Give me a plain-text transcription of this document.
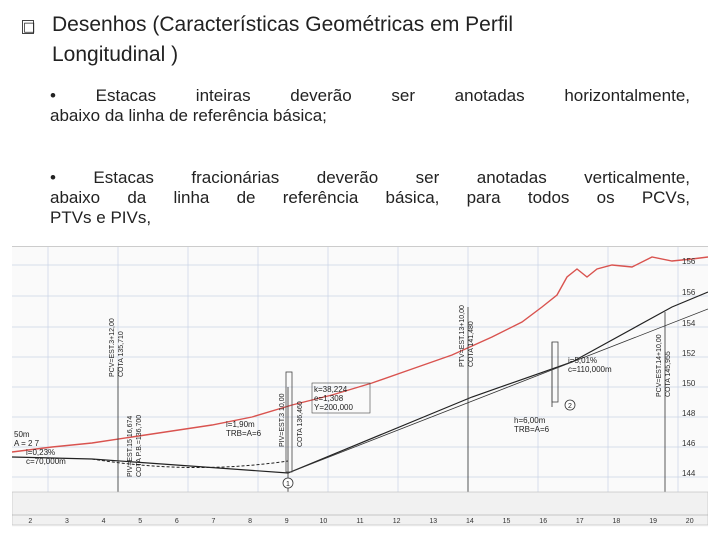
□ Desenhos (Características Geométricas em Perfil
Longitudinal )
• Estacas inteiras deverão ser anotadas horizontalmente,
abaixo da linha de referência básica;
• Estacas fracionárias deverão ser anotadas verticalmente,
abaixo da linha de referência básica, para todos os PCVs,
PTVs e PIVs,
156
156
154
152
150
148
146
144
50m
A = 2 7
i=0,23%
c=70,000m
PCV=EST.3+12,00 COTA 135,710
PIV=EST.15 16,674 COTA P.B.=136,700	PIV=EST.3 10,00 COTA 136,460
PTV=EST.13+10,00 COTA 141,480	PCV=EST.14+10,00 COTA 145,955
i=1,90m
TRB=A=6
k=38,224
e=1,308
Y=200,000
i=5,01%
c=110,000m
h=6,00m
TRB=A=6
1
2
2	3	4	5	6	7	8	9	10	11	12	13	14	15	16	17	18	19	20
